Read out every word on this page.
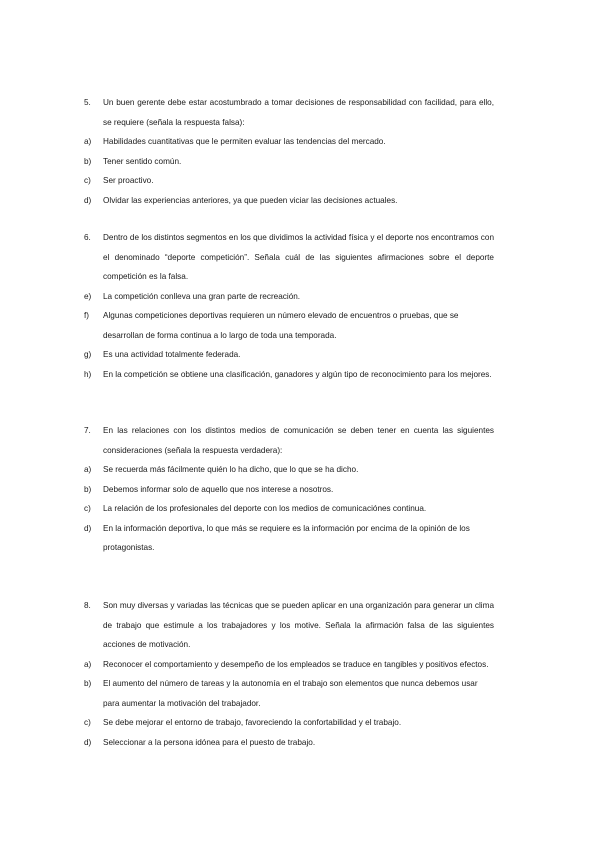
5.	Un buen gerente debe estar acostumbrado a tomar decisiones de responsabilidad con facilidad, para ello, se requiere (señala la respuesta falsa):
a)	Habilidades cuantitativas que le permiten evaluar las tendencias del mercado.
b)	Tener sentido común.
c)	Ser proactivo.
d)	Olvidar las experiencias anteriores, ya que pueden viciar las decisiones actuales.
6.	Dentro de los distintos segmentos en los que dividimos la actividad física y el deporte nos encontramos con el denominado “deporte competición”. Señala cuál de las siguientes afirmaciones sobre el deporte competición es la falsa.
e)	La competición conlleva una gran parte de recreación.
f)	Algunas competiciones deportivas requieren un número elevado de encuentros o pruebas, que se desarrollan de forma continua a lo largo de toda una temporada.
g)	Es una actividad totalmente federada.
h)	En la competición se obtiene una clasificación, ganadores y algún tipo de reconocimiento para los mejores.
7.	En las relaciones con los distintos medios de comunicación se deben tener en cuenta las siguientes consideraciones (señala la respuesta verdadera):
a)	Se recuerda más fácilmente quién lo ha dicho, que lo que se ha dicho.
b)	Debemos informar solo de aquello que nos interese a nosotros.
c)	La relación de los profesionales del deporte con los medios de comunicaciónes continua.
d)	En la información deportiva, lo que más se requiere es la información por encima de la opinión de los protagonistas.
8.	Son muy diversas y variadas las técnicas que se pueden aplicar en una organización para generar un clima de trabajo que estimule a los trabajadores y los motive. Señala la afirmación falsa de las siguientes acciones de motivación.
a)	Reconocer el comportamiento y desempeño de los empleados se traduce en tangibles y positivos efectos.
b)	El aumento del número de tareas y la autonomía en el trabajo son elementos que nunca debemos usar para aumentar la motivación del trabajador.
c)	Se debe mejorar el entorno de trabajo, favoreciendo la confortabilidad y el trabajo.
d)	Seleccionar a la persona idónea para el puesto de trabajo.
